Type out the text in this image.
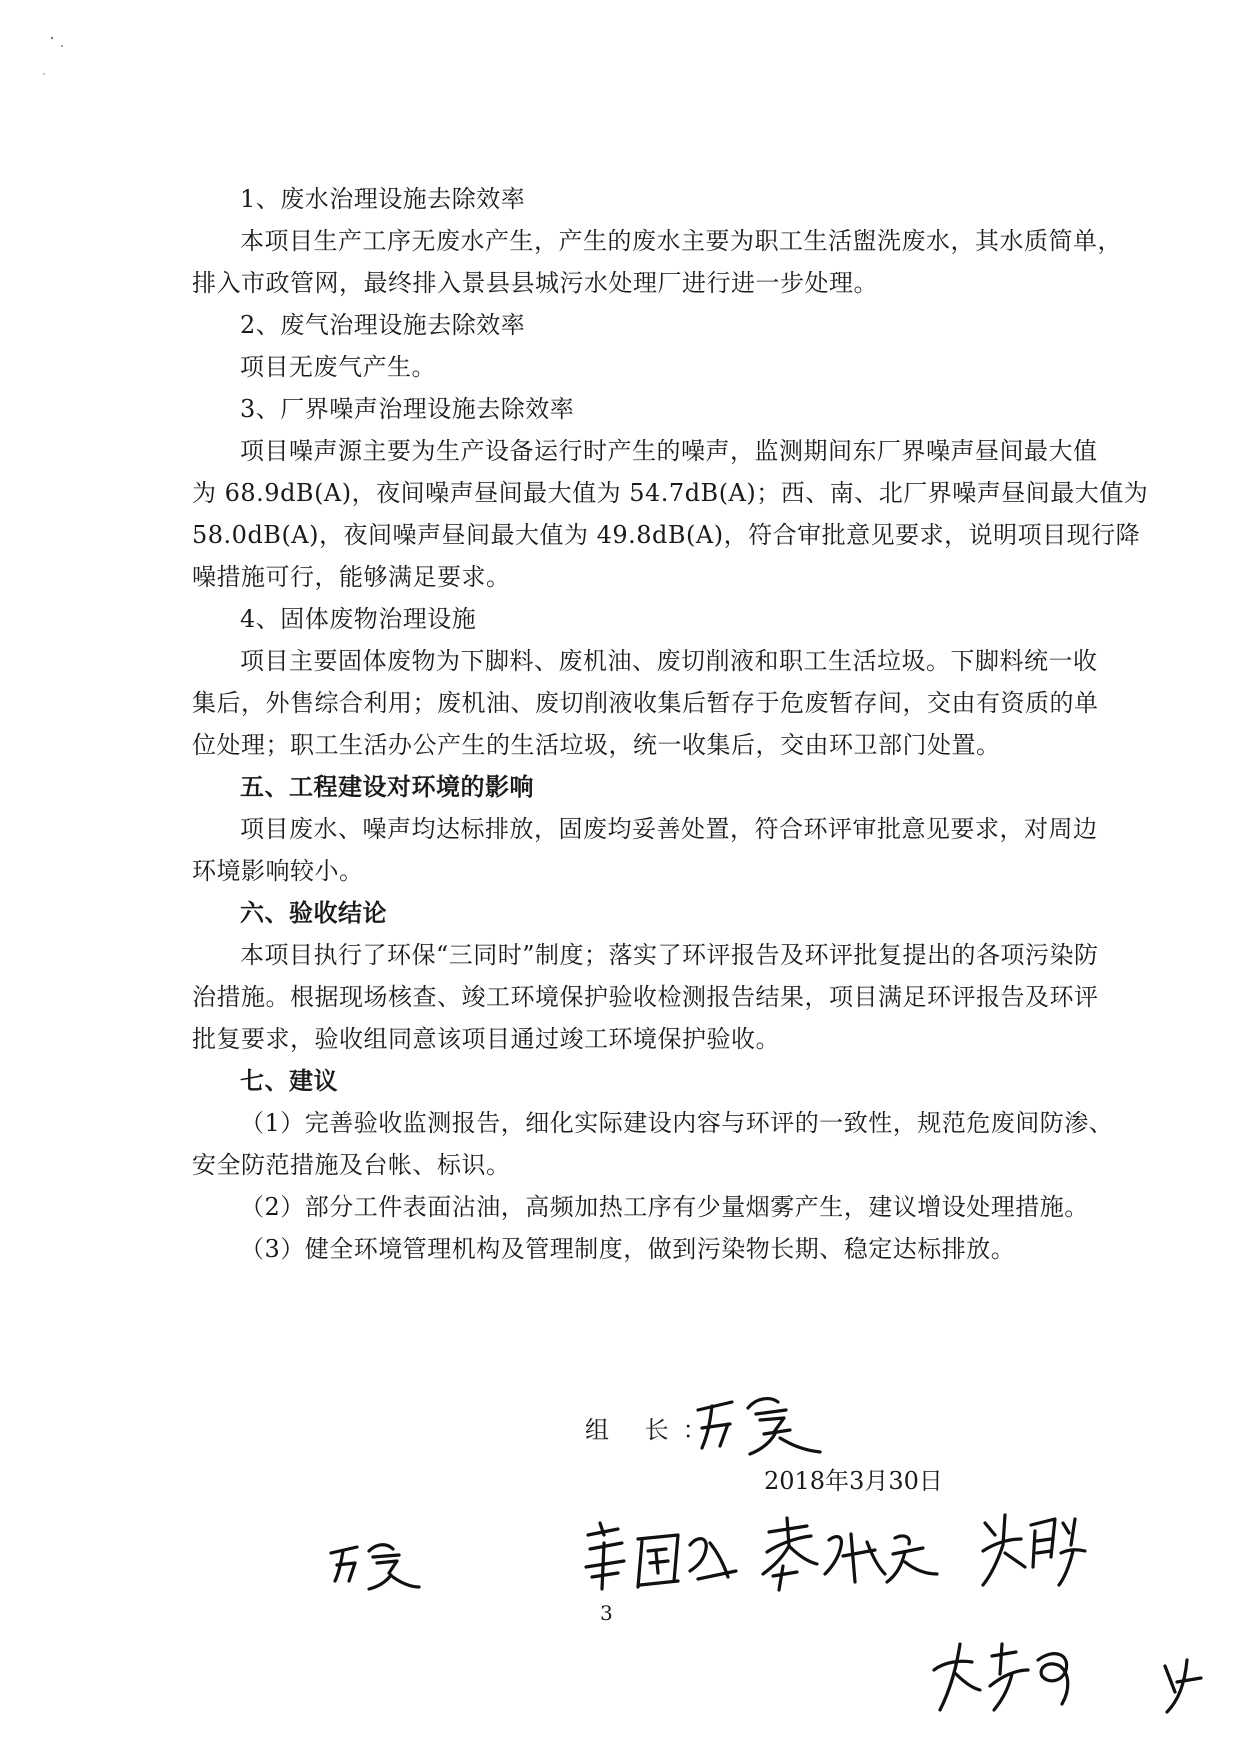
1、废水治理设施去除效率
本项目生产工序无废水产生，产生的废水主要为职工生活盥洗废水，其水质简单，
排入市政管网，最终排入景县县城污水处理厂进行进一步处理。
2、废气治理设施去除效率
项目无废气产生。
3、厂界噪声治理设施去除效率
项目噪声源主要为生产设备运行时产生的噪声，监测期间东厂界噪声昼间最大值
为 68.9dB(A)，夜间噪声昼间最大值为 54.7dB(A)；西、南、北厂界噪声昼间最大值为
58.0dB(A)，夜间噪声昼间最大值为 49.8dB(A)，符合审批意见要求，说明项目现行降
噪措施可行，能够满足要求。
4、固体废物治理设施
项目主要固体废物为下脚料、废机油、废切削液和职工生活垃圾。下脚料统一收
集后，外售综合利用；废机油、废切削液收集后暂存于危废暂存间，交由有资质的单
位处理；职工生活办公产生的生活垃圾，统一收集后，交由环卫部门处置。
五、工程建设对环境的影响
项目废水、噪声均达标排放，固废均妥善处置，符合环评审批意见要求，对周边
环境影响较小。
六、验收结论
本项目执行了环保“三同时”制度；落实了环评报告及环评批复提出的各项污染防
治措施。根据现场核查、竣工环境保护验收检测报告结果，项目满足环评报告及环评
批复要求，验收组同意该项目通过竣工环境保护验收。
七、建议
（1）完善验收监测报告，细化实际建设内容与环评的一致性，规范危废间防渗、
安全防范措施及台帐、标识。
（2）部分工件表面沾油，高频加热工序有少量烟雾产生，建议增设处理措施。
（3）健全环境管理机构及管理制度，做到污染物长期、稳定达标排放。
组 长：
2018年3月30日
3
